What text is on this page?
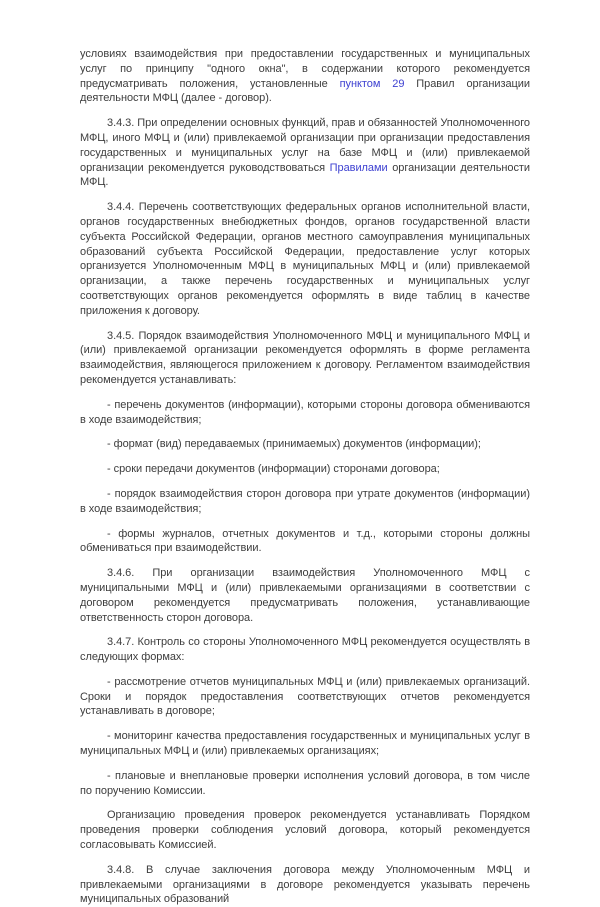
условиях взаимодействия при предоставлении государственных и муниципальных услуг по принципу "одного окна", в содержании которого рекомендуется предусматривать положения, установленные пунктом 29 Правил организации деятельности МФЦ (далее - договор).

3.4.3. При определении основных функций, прав и обязанностей Уполномоченного МФЦ, иного МФЦ и (или) привлекаемой организации при организации предоставления государственных и муниципальных услуг на базе МФЦ и (или) привлекаемой организации рекомендуется руководствоваться Правилами организации деятельности МФЦ.

3.4.4. Перечень соответствующих федеральных органов исполнительной власти, органов государственных внебюджетных фондов, органов государственной власти субъекта Российской Федерации, органов местного самоуправления муниципальных образований субъекта Российской Федерации, предоставление услуг которых организуется Уполномоченным МФЦ в муниципальных МФЦ и (или) привлекаемой организации, а также перечень государственных и муниципальных услуг соответствующих органов рекомендуется оформлять в виде таблиц в качестве приложения к договору.

3.4.5. Порядок взаимодействия Уполномоченного МФЦ и муниципального МФЦ и (или) привлекаемой организации рекомендуется оформлять в форме регламента взаимодействия, являющегося приложением к договору. Регламентом взаимодействия рекомендуется устанавливать:

- перечень документов (информации), которыми стороны договора обмениваются в ходе взаимодействия;

- формат (вид) передаваемых (принимаемых) документов (информации);

- сроки передачи документов (информации) сторонами договора;

- порядок взаимодействия сторон договора при утрате документов (информации) в ходе взаимодействия;

- формы журналов, отчетных документов и т.д., которыми стороны должны обмениваться при взаимодействии.

3.4.6. При организации взаимодействия Уполномоченного МФЦ с муниципальными МФЦ и (или) привлекаемыми организациями в соответствии с договором рекомендуется предусматривать положения, устанавливающие ответственность сторон договора.

3.4.7. Контроль со стороны Уполномоченного МФЦ рекомендуется осуществлять в следующих формах:

- рассмотрение отчетов муниципальных МФЦ и (или) привлекаемых организаций. Сроки и порядок предоставления соответствующих отчетов рекомендуется устанавливать в договоре;

- мониторинг качества предоставления государственных и муниципальных услуг в муниципальных МФЦ и (или) привлекаемых организациях;

- плановые и внеплановые проверки исполнения условий договора, в том числе по поручению Комиссии.

Организацию проведения проверок рекомендуется устанавливать Порядком проведения проверки соблюдения условий договора, который рекомендуется согласовывать Комиссией.

3.4.8. В случае заключения договора между Уполномоченным МФЦ и привлекаемыми организациями в договоре рекомендуется указывать перечень муниципальных образований
